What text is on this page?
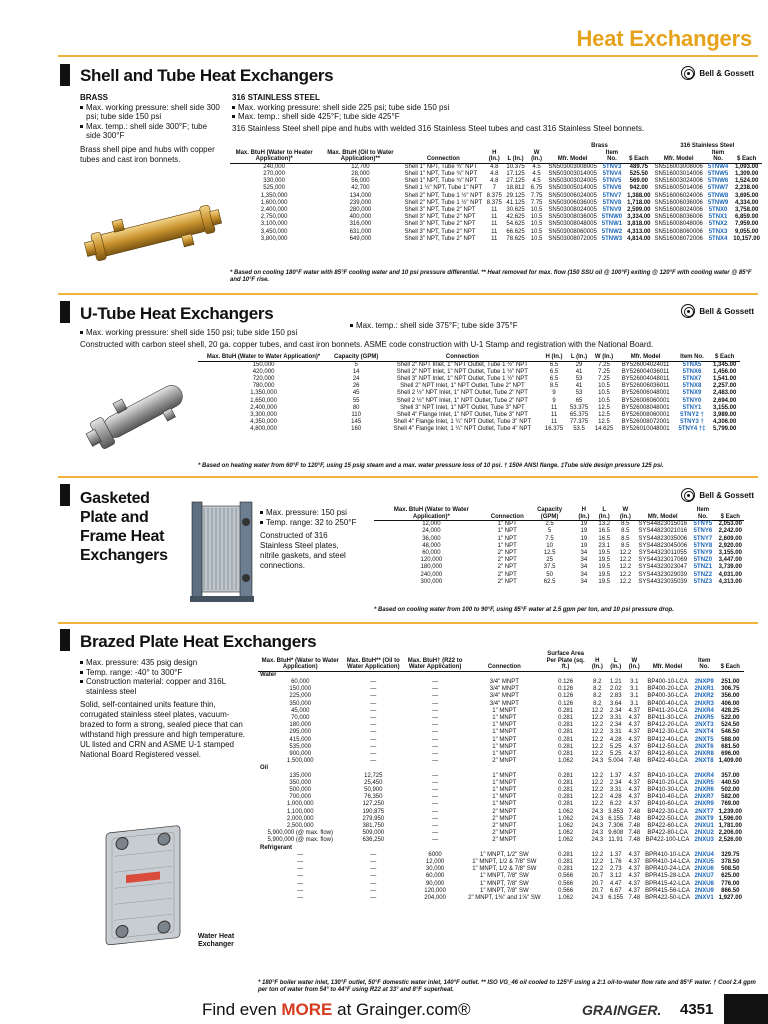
Heat Exchangers
Shell and Tube Heat Exchangers	Bell & Gossett
BRASS
Max. working pressure: shell side 300 psi; tube side 150 psi
Max. temp.: shell side 300°F; tube side 300°F
Brass shell pipe and hubs with copper tubes and cast iron bonnets.
316 STAINLESS STEEL
Max. working pressure: shell side 225 psi; tube side 150 psi
Max. temp.: shell side 425°F; tube side 425°F
316 Stainless Steel shell pipe and hubs with welded 316 Stainless Steel tubes and cast 316 Stainless Steel bonnets.
						Brass			316 Stainless Steel		
Max. BtuH (Water to Heater Application)*	Max. BtuH (Oil to Water Application)**	Connection	H (In.)	L (In.)	W (In.)	Mfr. Model	Item No.	$ Each	Mfr. Model	Item No.	$ Each
240,000	12,700	Shell 1" NPT, Tube ¾" NPT	4.8	10.375	4.5	SN503003008005	5TNV3	489.75	SN516003008006	5TNW4	1,093.00
270,000	28,000	Shell 1" NPT, Tube ¾" NPT	4.8	17.125	4.5	SN503003014005	5TNV4	525.50	SN516003014006	5TNW5	1,309.00
330,000	56,000	Shell 1" NPT, Tube ¾" NPT	4.8	27.125	4.5	SN503003024005	5TNV5	569.00	SN516003024006	5TNW6	1,524.00
525,000	42,700	Shell 1 ½" NPT, Tube 1" NPT	7	18.812	6.75	SN503005014005	5TNV6	942.00	SN516005014006	5TNW7	2,238.00
1,350,000	134,000	Shell 2" NPT, Tube 1 ½" NPT	8.375	29.125	7.75	SN503006024005	5TNV7	1,388.00	SN516006024006	5TNW8	3,695.00
1,600,000	239,000	Shell 2" NPT, Tube 1 ½" NPT	8.375	41.125	7.75	SN503006036005	5TNV8	1,718.00	SN516006036006	5TNW9	4,334.00
2,400,000	280,000	Shell 3" NPT, Tube 2" NPT	11	30.625	10.5	SN503008024005	5TNV9	2,599.00	SN516008024006	5TNX0	3,758.00
2,750,000	400,000	Shell 3" NPT, Tube 2" NPT	11	42.625	10.5	SN503008036005	5TNW0	3,334.00	SN516008036006	5TNX1	6,859.00
3,100,000	316,000	Shell 3" NPT, Tube 2" NPT	11	54.625	10.5	SN503008048005	5TNW1	3,818.00	SN516008048006	5TNX2	7,959.00
3,450,000	631,000	Shell 3" NPT, Tube 2" NPT	11	66.625	10.5	SN503008060005	5TNW2	4,313.00	SN516008060006	5TNX3	9,055.00
3,800,000	649,000	Shell 3" NPT, Tube 2" NPT	11	78.625	10.5	SN503008072005	5TNW3	4,814.00	SN516008072006	5TNX4	10,157.00
* Based on cooling 180°F water with 85°F cooling water and 10 psi pressure differential. ** Heat removed for max. flow (150 SSU oil @ 100°F) exiting @ 120°F with cooling water @ 85°F and 10°F rise.
U-Tube Heat Exchangers	Bell & Gossett
Max. working pressure: shell side 150 psi; tube side 150 psi
Max. temp.: shell side 375°F; tube side 375°F
Constructed with carbon steel shell, 20 ga. copper tubes, and cast iron bonnets. ASME code construction with U-1 Stamp and registration with the National Board.
Max. BtuH (Water to Water Application)*	Capacity (GPM)	Connection	H (In.)	L (In.)	W (In.)	Mfr. Model	Item No.	$ Each
150,000	5	Shell 2" NPT Inlet, 1" NPT Outlet, Tube 1 ½" NPT	6.5	29	7.25	BY526004024011	5TNX5	1,345.00
420,000	14	Shell 2" NPT Inlet, 1" NPT Outlet, Tube 1 ½" NPT	6.5	41	7.25	BY526004036011	5TNX6	1,456.00
720,000	24	Shell 3" NPT Inlet, 1" NPT Outlet, Tube 1 ½" NPT	6.5	53	7.25	BY526004048011	5TNX7	1,541.00
780,000	26	Shell 2" NPT Inlet, 1" NPT Outlet, Tube 2" NPT	8.5	41	10.5	BY526006036011	5TNX8	2,257.00
1,350,000	45	Shell 2 ½" NPT Inlet, 1" NPT Outlet, Tube 2" NPT	9	53	10.5	BY526006048001	5TNX9	2,483.00
1,650,000	55	Shell 2 ½" NPT Inlet, 1" NPT Outlet, Tube 2" NPT	9	65	10.5	BY526006060001	5TNY0	2,694.00
2,400,000	80	Shell 3" NPT Inlet, 1" NPT Outlet, Tube 3" NPT	11	53.375	12.5	BY526008048001	5TNY1	3,155.00
3,300,000	110	Shell 4" Flange Inlet, 1" NPT Outlet, Tube 3" NPT	11	65.375	12.5	BY526008060001	5TNY2 †	3,989.00
4,350,000	145	Shell 4" Flange Inlet, 1 ¼" NPT Outlet, Tube 3" NPT	11	77.375	12.5	BY526008072001	5TNY3 †	4,306.00
4,800,000	160	Shell 4" Flange Inlet, 1 ¼" NPT Outlet, Tube 4" NPT	16.375	53.5	14.625	BY526010048001	5TNY4 †‡	5,799.00
* Based on heating water from 60°F to 120°F, using 15 psig steam and a max. water pressure loss of 10 psi. † 150# ANSI flange. ‡Tube side design pressure 125 psi.
Gasketed
Plate and
Frame Heat
Exchangers
Bell & Gossett
Max. pressure: 150 psi
Temp. range: 32 to 250°F
Constructed of 316 Stainless Steel plates, nitrile gaskets, and steel connections.
Max. BtuH (Water to Water Application)*	Connection	Capacity (GPM)	H (In.)	L (In.)	W (In.)	Mfr. Model	Item No.	$ Each
12,000	1" NPT	2.5	19	13.2	8.5	SYS44823015016	5TNY5	2,053.00
24,000	1" NPT	5	19	16.5	8.5	SYS44823021016	5TNY6	2,242.00
36,000	1" NPT	7.5	19	16.5	8.5	SYS44823035006	5TNY7	2,609.00
48,000	1" NPT	10	19	23.1	8.5	SYS44823045006	5TNY8	2,920.00
60,000	2" NPT	12.5	34	19.5	12.2	SYS44323011055	5TNY9	3,155.00
120,000	2" NPT	25	34	19.5	12.2	SYS44323017069	5TNZ0	3,447.00
180,000	2" NPT	37.5	34	19.5	12.2	SYS44323023047	5TNZ1	3,739.00
240,000	2" NPT	50	34	19.5	12.2	SYS44323029039	5TNZ2	4,031.00
300,000	2" NPT	62.5	34	19.5	12.2	SYS44323035039	5TNZ3	4,313.00
* Based on cooling water from 100 to 90°F, using 85°F water at 2.5 gpm per ton, and 10 psi pressure drop.
Brazed Plate Heat Exchangers
Max. pressure: 435 psig design
Temp. range: -40° to 300°F
Construction material: copper and 316L stainless steel
Solid, self-contained units feature thin, corrugated stainless steel plates, vacuum-brazed to form a strong, sealed piece that can withstand high pressure and high temperature. UL listed and CRN and ASME U-1 stamped National Board Registered vessel.
Water Heat Exchanger
Max. BtuH* (Water to Water Application)	Max. BtuH** (Oil to Water Application)	Max. BtuH† (R22 to Water Application)	Connection	Surface Area Per Plate (sq. ft.)	H (In.)	L (In.)	W (In.)	Mfr. Model	Item No.	$ Each
Water										
60,000	—	—	3/4" MNPT	0.126	8.2	1.21	3.1	BP400-10-LCA	2NXP9	251.00
150,000	—	—	3/4" MNPT	0.126	8.2	2.02	3.1	BP400-20-LCA	2NXR1	306.75
225,000	—	—	3/4" MNPT	0.126	8.2	2.83	3.1	BP400-30-LCA	2NXR2	356.00
350,000	—	—	3/4" MNPT	0.126	8.2	3.64	3.1	BP400-40-LCA	2NXR3	406.00
45,000	—	—	1" MNPT	0.281	12.2	2.34	4.37	BP411-20-LCA	2NXR4	428.25
70,000	—	—	1" MNPT	0.281	12.2	3.31	4.37	BP411-30-LCA	2NXR5	522.00
180,000	—	—	1" MNPT	0.281	12.2	2.34	4.37	BP412-20-LCA	2NXT3	524.50
295,000	—	—	1" MNPT	0.281	12.2	3.31	4.37	BP412-30-LCA	2NXT4	546.50
415,000	—	—	1" MNPT	0.281	12.2	4.28	4.37	BP412-40-LCA	2NXT5	588.00
535,000	—	—	1" MNPT	0.281	12.2	5.25	4.37	BP412-50-LCA	2NXT6	681.50
900,000	—	—	1" MNPT	0.281	12.2	5.25	4.37	BP412-60-LCA	2NXR8	696.00
1,500,000	—	—	2" MNPT	1.062	24.3	5.004	7.48	BP422-40-LCA	2NXT8	1,409.00
Oil										
135,000	12,725	—	1" MNPT	0.281	12.2	1.37	4.37	BP410-10-LCA	2NXR4	357.00
350,000	25,450	—	1" MNPT	0.281	12.2	2.34	4.37	BP410-20-LCA	2NXR5	440.50
500,000	50,900	—	1" MNPT	0.281	12.2	3.31	4.37	BP410-30-LCA	2NXR6	502.00
700,000	76,350	—	1" MNPT	0.281	12.2	4.28	4.37	BP410-40-LCA	2NXR7	582.00
1,000,000	127,250	—	1" MNPT	0.281	12.2	6.22	4.37	BP410-60-LCA	2NXR9	769.00
1,100,000	190,875	—	2" MNPT	1.062	24.3	3.853	7.48	BP422-30-LCA	2NXT7	1,239.00
2,000,000	279,950	—	2" MNPT	1.062	24.3	6.155	7.48	BP422-50-LCA	2NXT9	1,596.00
2,500,000	381,750	—	2" MNPT	1.062	24.3	7.306	7.48	BP422-60-LCA	2NXU1	1,781.00
5,900,000 (@ max. flow)	509,000	—	2" MNPT	1.062	24.3	9.608	7.48	BP422-80-LCA	2NXU2	2,206.00
5,900,000 (@ max. flow)	636,250	—	2" MNPT	1.062	24.3	11.91	7.48	BP422-100-LCA	2NXU3	2,526.00
Refrigerant										
—	—	6000	1" MNPT, 1/2" SW	0.281	12.2	1.37	4.37	BPR410-10-LCA	2NXU4	329.75
—	—	12,000	1" MNPT, 1/2 & 7/8" SW	0.281	12.2	1.76	4.37	BPR410-14-LCA	2NXU5	378.50
—	—	30,000	1" MNPT, 1/2 & 7/8" SW	0.281	12.2	2.73	4.37	BPR410-24-LCA	2NXU6	508.50
—	—	60,000	1" MNPT, 7/8" SW	0.566	20.7	3.12	4.37	BPR415-28-LCA	2NXU7	625.00
—	—	90,000	1" MNPT, 7/8" SW	0.566	20.7	4.47	4.37	BPR415-42-LCA	2NXU8	776.00
—	—	120,000	1" MNPT, 7/8" SW	0.566	20.7	6.67	4.37	BPR415-56-LCA	2NXU9	866.50
—	—	204,000	2" MNPT, 1⅜" and 1⅝" SW	1.062	24.3	6.155	7.48	BPR422-50-LCA	2NXV1	1,927.00
* 180°F boiler water inlet, 130°F outlet, 50°F domestic water inlet, 140°F outlet. ** ISO VG_46 oil cooled to 125°F using a 2:1 oil-to-water flow rate and 85°F water. † Cool 2.4 gpm per ton of water from 54° to 44°F using R22 at 33° and 8°F superheat.
Find even MORE at Grainger.com®	GRAINGER. 4351
